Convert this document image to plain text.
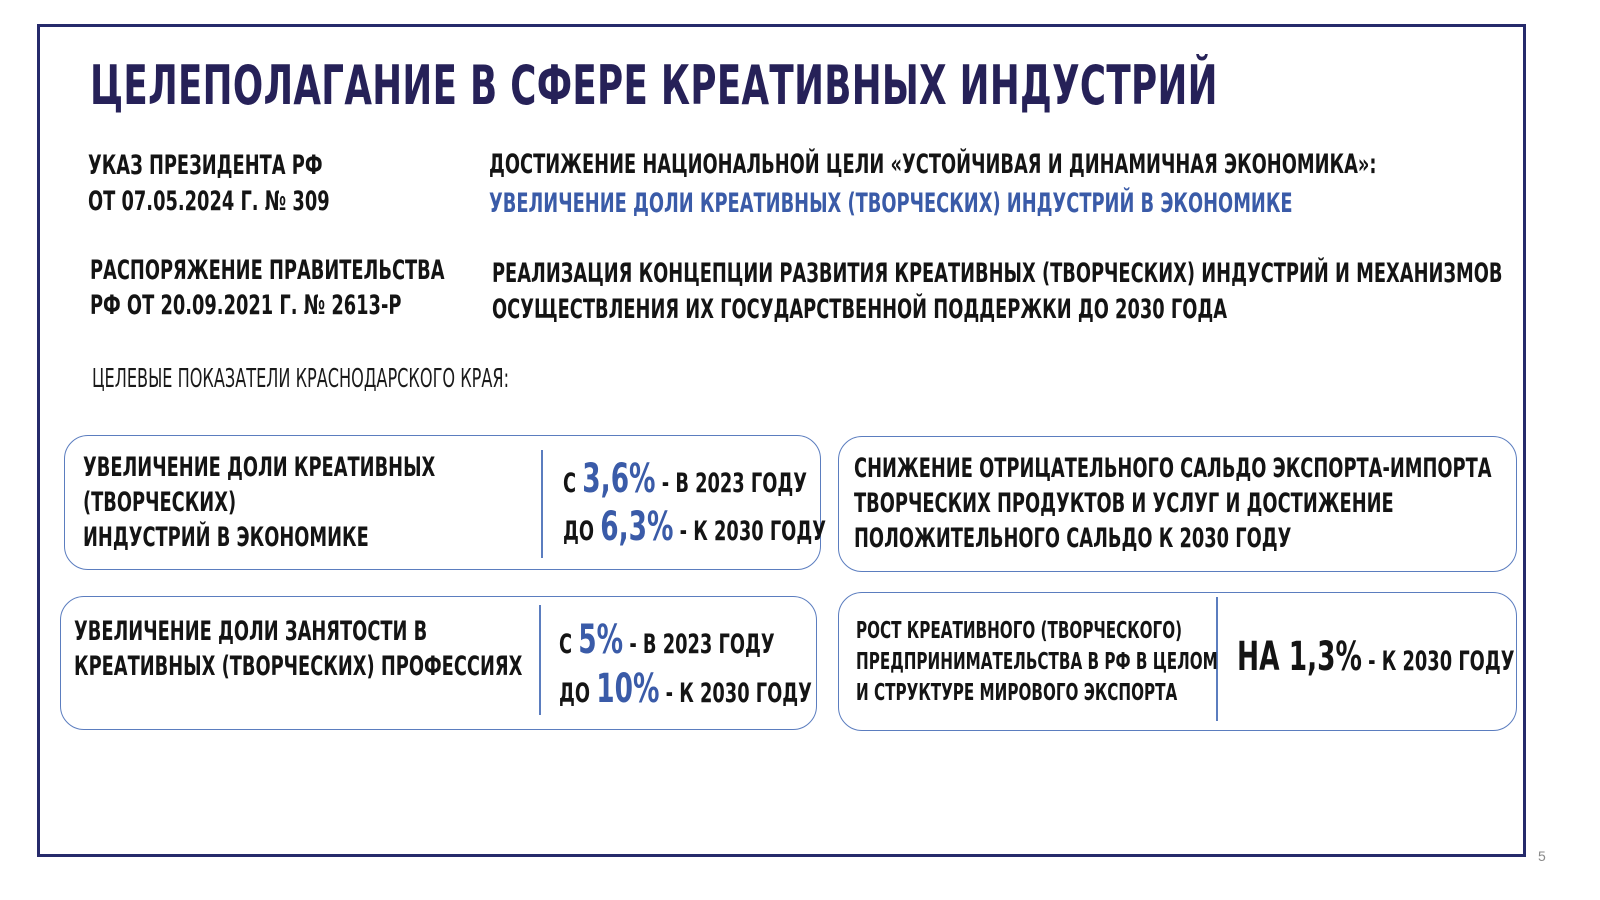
ЦЕЛЕПОЛАГАНИЕ В СФЕРЕ КРЕАТИВНЫХ ИНДУСТРИЙ
УКАЗ ПРЕЗИДЕНТА РФ
ОТ 07.05.2024 Г. № 309
ДОСТИЖЕНИЕ НАЦИОНАЛЬНОЙ ЦЕЛИ «УСТОЙЧИВАЯ И ДИНАМИЧНАЯ ЭКОНОМИКА»:
УВЕЛИЧЕНИЕ ДОЛИ КРЕАТИВНЫХ (ТВОРЧЕСКИХ) ИНДУСТРИЙ В ЭКОНОМИКЕ
РАСПОРЯЖЕНИЕ ПРАВИТЕЛЬСТВА
РФ ОТ 20.09.2021 Г. № 2613-Р
РЕАЛИЗАЦИЯ КОНЦЕПЦИИ РАЗВИТИЯ КРЕАТИВНЫХ (ТВОРЧЕСКИХ) ИНДУСТРИЙ И МЕХАНИЗМОВ
ОСУЩЕСТВЛЕНИЯ ИХ ГОСУДАРСТВЕННОЙ ПОДДЕРЖКИ ДО 2030 ГОДА
ЦЕЛЕВЫЕ ПОКАЗАТЕЛИ КРАСНОДАРСКОГО КРАЯ:
УВЕЛИЧЕНИЕ ДОЛИ КРЕАТИВНЫХ
(ТВОРЧЕСКИХ)
ИНДУСТРИЙ В ЭКОНОМИКЕ
С 3,6% - В 2023 ГОДУ
ДО 6,3% - К 2030 ГОДУ
СНИЖЕНИЕ ОТРИЦАТЕЛЬНОГО САЛЬДО ЭКСПОРТА-ИМПОРТА
ТВОРЧЕСКИХ ПРОДУКТОВ И УСЛУГ И ДОСТИЖЕНИЕ
ПОЛОЖИТЕЛЬНОГО САЛЬДО К 2030 ГОДУ
УВЕЛИЧЕНИЕ ДОЛИ ЗАНЯТОСТИ В
КРЕАТИВНЫХ (ТВОРЧЕСКИХ) ПРОФЕССИЯХ
С 5% - В 2023 ГОДУ
ДО 10% - К 2030 ГОДУ
РОСТ КРЕАТИВНОГО (ТВОРЧЕСКОГО)
ПРЕДПРИНИМАТЕЛЬСТВА В РФ В ЦЕЛОМ
И СТРУКТУРЕ МИРОВОГО ЭКСПОРТА
НА 1,3% - К 2030 ГОДУ
5
